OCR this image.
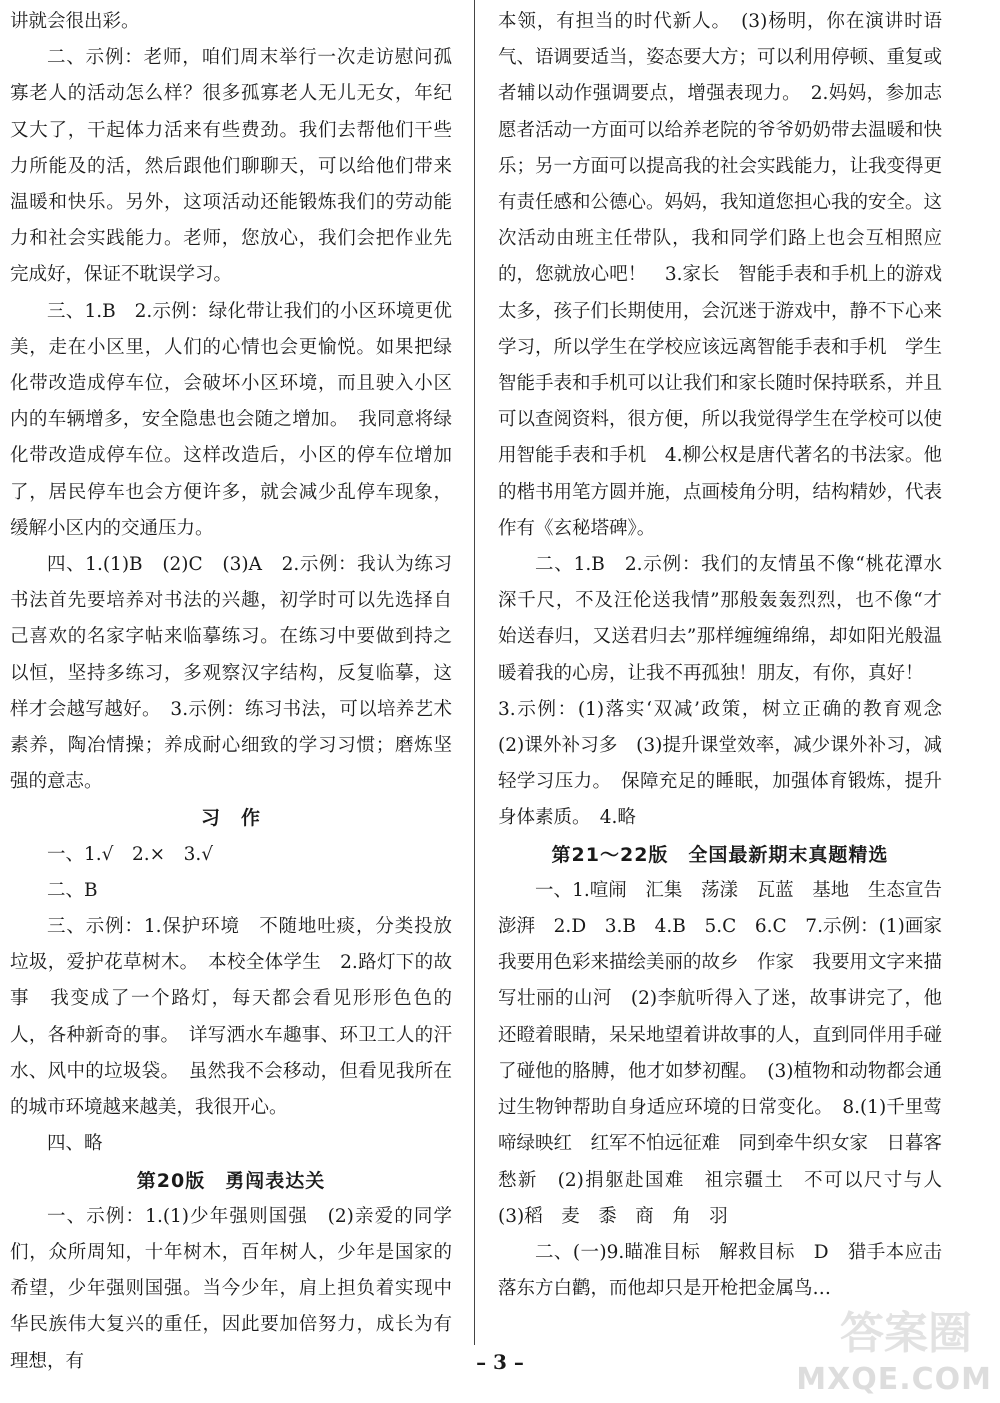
讲就会很出彩。

二、示例：老师，咱们周末举行一次走访慰问孤寡老人的活动怎么样？很多孤寡老人无儿无女，年纪又大了，干起体力活来有些费劲。我们去帮他们干些力所能及的活，然后跟他们聊聊天，可以给他们带来温暖和快乐。另外，这项活动还能锻炼我们的劳动能力和社会实践能力。老师，您放心，我们会把作业先完成好，保证不耽误学习。

三、1.B　2.示例：绿化带让我们的小区环境更优美，走在小区里，人们的心情也会更愉悦。如果把绿化带改造成停车位，会破坏小区环境，而且驶入小区内的车辆增多，安全隐患也会随之增加。　我同意将绿化带改造成停车位。这样改造后，小区的停车位增加了，居民停车也会方便许多，就会减少乱停车现象，缓解小区内的交通压力。

四、1.(1)B　(2)C　(3)A　2.示例：我认为练习书法首先要培养对书法的兴趣，初学时可以先选择自己喜欢的名家字帖来临摹练习。在练习中要做到持之以恒，坚持多练习，多观察汉字结构，反复临摹，这样才会越写越好。　3.示例：练习书法，可以培养艺术素养，陶冶情操；养成耐心细致的学习习惯；磨炼坚强的意志。

习　作

一、1.√　2.×　3.√

二、B

三、示例：1.保护环境　不随地吐痰，分类投放垃圾，爱护花草树木。　本校全体学生　2.路灯下的故事　我变成了一个路灯，每天都会看见形形色色的人，各种新奇的事。　详写洒水车趣事、环卫工人的汗水、风中的垃圾袋。　虽然我不会移动，但看见我所在的城市环境越来越美，我很开心。

四、略

第20版　勇闯表达关

一、示例：1.(1)少年强则国强　(2)亲爱的同学们，众所周知，十年树木，百年树人，少年是国家的希望，少年强则国强。当今少年，肩上担负着实现中华民族伟大复兴的重任，因此要加倍努力，成长为有理想，有

本领，有担当的时代新人。　(3)杨明，你在演讲时语气、语调要适当，姿态要大方；可以利用停顿、重复或者辅以动作强调要点，增强表现力。　2.妈妈，参加志愿者活动一方面可以给养老院的爷爷奶奶带去温暖和快乐；另一方面可以提高我的社会实践能力，让我变得更有责任感和公德心。妈妈，我知道您担心我的安全。这次活动由班主任带队，我和同学们路上也会互相照应的，您就放心吧！　3.家长　智能手表和手机上的游戏太多，孩子们长期使用，会沉迷于游戏中，静不下心来学习，所以学生在学校应该远离智能手表和手机　学生　智能手表和手机可以让我们和家长随时保持联系，并且可以查阅资料，很方便，所以我觉得学生在学校可以使用智能手表和手机　4.柳公权是唐代著名的书法家。他的楷书用笔方圆并施，点画棱角分明，结构精妙，代表作有《玄秘塔碑》。

二、1.B　2.示例：我们的友情虽不像“桃花潭水深千尺，不及汪伦送我情”那般轰轰烈烈，也不像“才始送春归，又送君归去”那样缠缠绵绵，却如阳光般温暖着我的心房，让我不再孤独！朋友，有你，真好！

3.示例：(1)落实‘双减’政策，树立正确的教育观念　(2)课外补习多　(3)提升课堂效率，减少课外补习，减轻学习压力。　保障充足的睡眠，加强体育锻炼，提升身体素质。　4.略

第21～22版　全国最新期末真题精选

一、1.喧闹　汇集　荡漾　瓦蓝　基地　生态宣告　澎湃　2.D　3.B　4.B　5.C　6.C　7.示例：(1)画家　我要用色彩来描绘美丽的故乡　作家　我要用文字来描写壮丽的山河　(2)李航听得入了迷，故事讲完了，他还瞪着眼睛，呆呆地望着讲故事的人，直到同伴用手碰了碰他的胳膊，他才如梦初醒。　(3)植物和动物都会通过生物钟帮助自身适应环境的日常变化。　8.(1)千里莺啼绿映红　红军不怕远征难　同到牵牛织女家　日暮客愁新　(2)捐躯赴国难　祖宗疆土　不可以尺寸与人　(3)稻　麦　黍　商　角　羽

二、(一)9.瞄准目标　解救目标　D　猎手本应击落东方白鹳，而他却只是开枪把金属鸟…

– 3 –
答案圈
MXQE.COM
